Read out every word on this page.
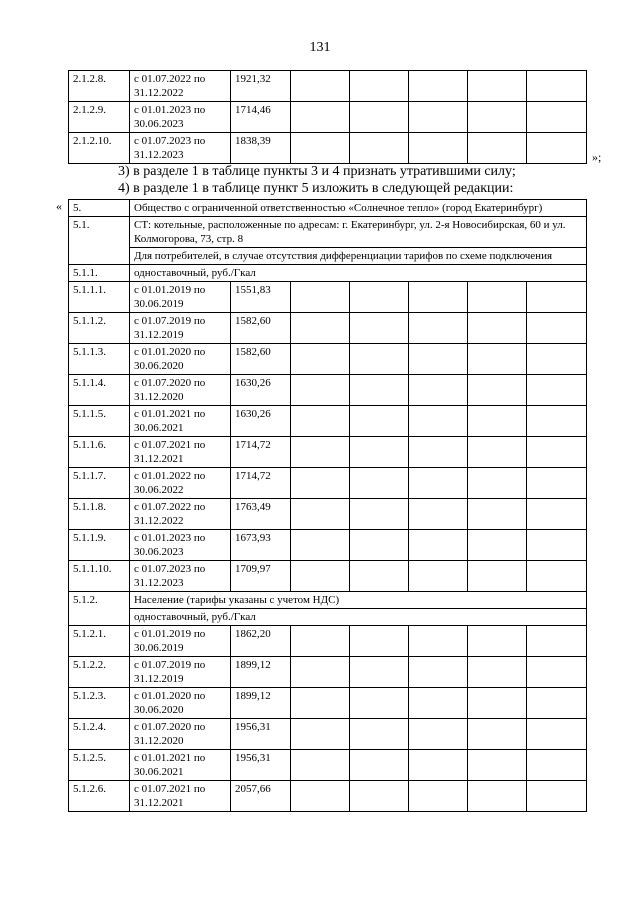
131
2.1.2.8.	с 01.07.2022 по
31.12.2022	1921,32					
2.1.2.9.	с 01.01.2023 по
30.06.2023	1714,46					
2.1.2.10.	с 01.07.2023 по
31.12.2023	1838,39					
»;
3) в разделе 1 в таблице пункты 3 и 4 признать утратившими силу;
4) в разделе 1 в таблице пункт 5 изложить в следующей редакции:
« 5.	Общество с ограниченной ответственностью «Солнечное тепло» (город Екатеринбург)						
5.1.	СТ: котельные, расположенные по адресам: г. Екатеринбург, ул. 2-я Новосибирская, 60 и ул. Колмогорова, 73, стр. 8						
	Для потребителей, в случае отсутствия дифференциации тарифов по схеме подключения						
5.1.1.	одноставочный, руб./Гкал						
5.1.1.1.	с 01.01.2019 по
30.06.2019	1551,83					
5.1.1.2.	с 01.07.2019 по
31.12.2019	1582,60					
5.1.1.3.	с 01.01.2020 по
30.06.2020	1582,60					
5.1.1.4.	с 01.07.2020 по
31.12.2020	1630,26					
5.1.1.5.	с 01.01.2021 по
30.06.2021	1630,26					
5.1.1.6.	с 01.07.2021 по
31.12.2021	1714,72					
5.1.1.7.	с 01.01.2022 по
30.06.2022	1714,72					
5.1.1.8.	с 01.07.2022 по
31.12.2022	1763,49					
5.1.1.9.	с 01.01.2023 по
30.06.2023	1673,93					
5.1.1.10.	с 01.07.2023 по
31.12.2023	1709,97					
5.1.2.	Население (тарифы указаны с учетом НДС)						
	одноставочный, руб./Гкал						
5.1.2.1.	с 01.01.2019 по
30.06.2019	1862,20					
5.1.2.2.	с 01.07.2019 по
31.12.2019	1899,12					
5.1.2.3.	с 01.01.2020 по
30.06.2020	1899,12					
5.1.2.4.	с 01.07.2020 по
31.12.2020	1956,31					
5.1.2.5.	с 01.01.2021 по
30.06.2021	1956,31					
5.1.2.6.	с 01.07.2021 по
31.12.2021	2057,66					
